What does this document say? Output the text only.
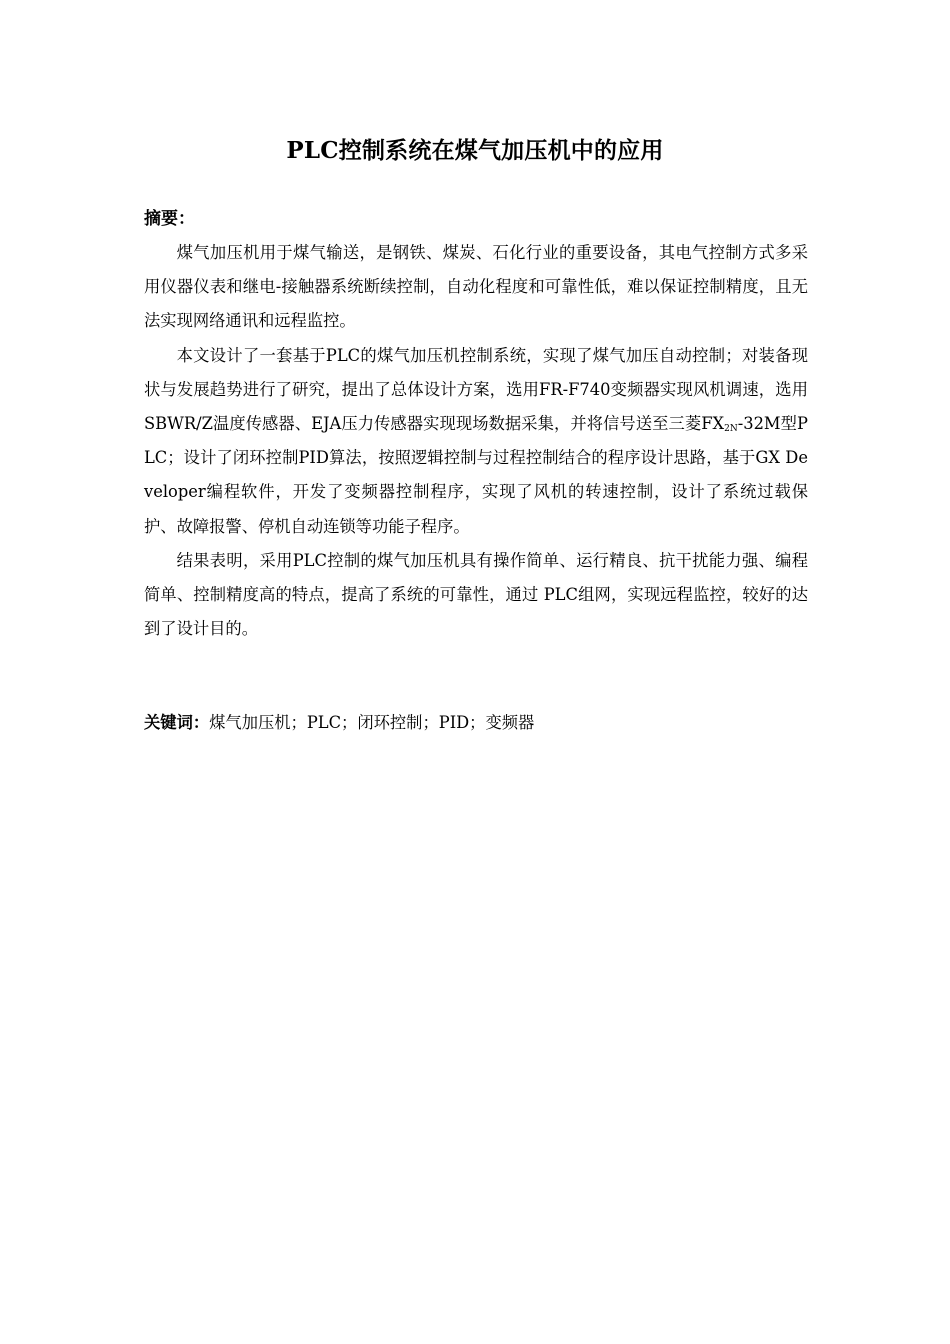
PLC控制系统在煤气加压机中的应用
摘要：

煤气加压机用于煤气输送，是钢铁、煤炭、石化行业的重要设备，其电气控制方式多采用仪器仪表和继电-接触器系统断续控制，自动化程度和可靠性低，难以保证控制精度，且无法实现网络通讯和远程监控。

本文设计了一套基于PLC的煤气加压机控制系统，实现了煤气加压自动控制；对装备现状与发展趋势进行了研究，提出了总体设计方案，选用FR-F740变频器实现风机调速，选用SBWR/Z温度传感器、EJA压力传感器实现现场数据采集，并将信号送至三菱$FX_{2N}-32M$型PLC；设计了闭环控制PID算法，按照逻辑控制与过程控制结合的程序设计思路，基于GX Developer编程软件，开发了变频器控制程序，实现了风机的转速控制，设计了系统过载保护、故障报警、停机自动连锁等功能子程序。

结果表明，采用PLC控制的煤气加压机具有操作简单、运行精良、抗干扰能力强、编程简单、控制精度高的特点，提高了系统的可靠性，通过 PLC组网，实现远程监控，较好的达到了设计目的。

关键词：煤气加压机；PLC；闭环控制；PID；变频器
